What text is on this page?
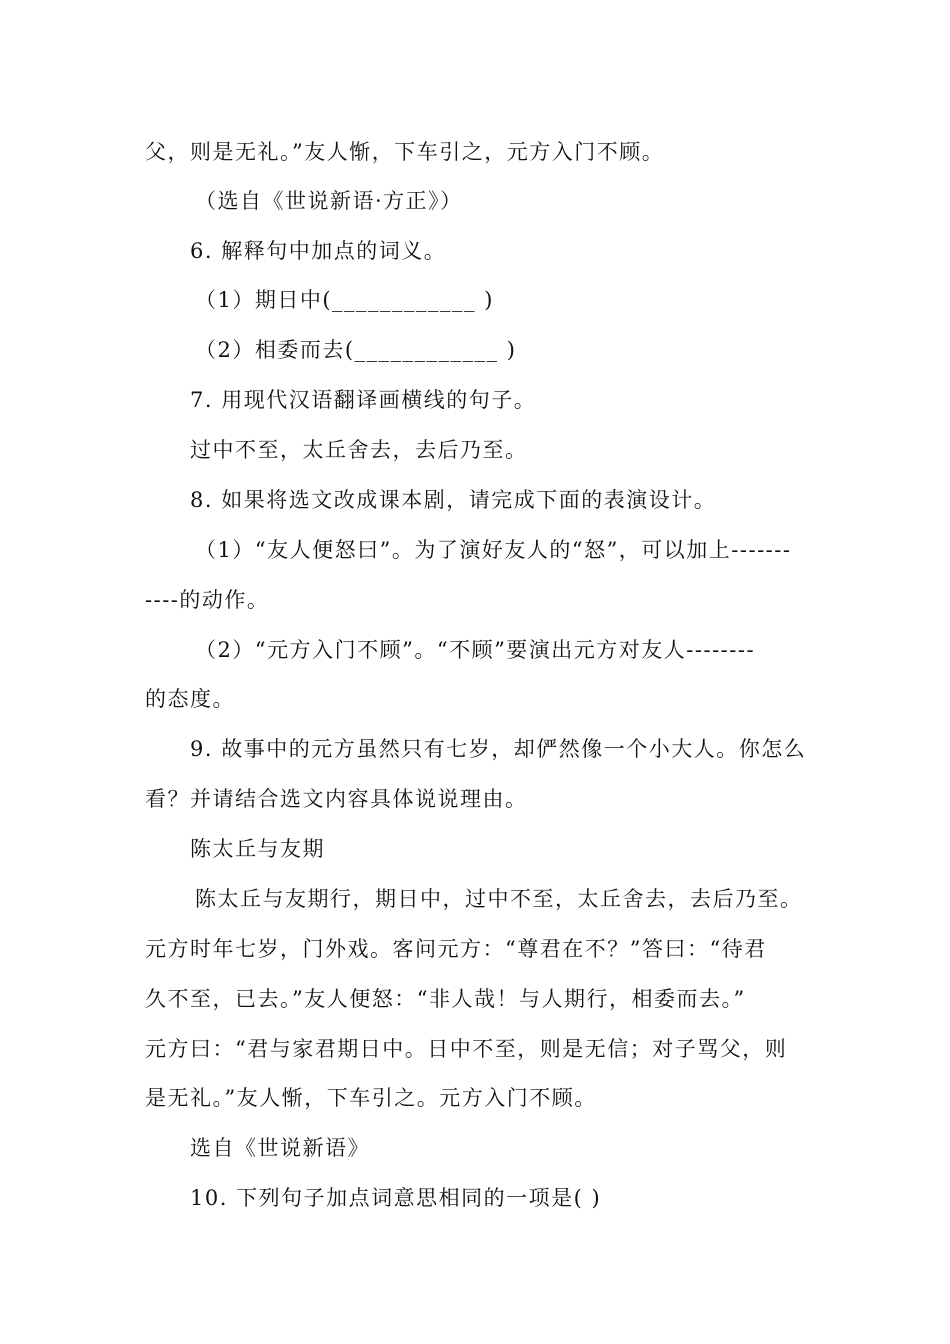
父，则是无礼。”友人惭，下车引之，元方入门不顾。
（选自《世说新语·方正》）
6. 解释句中加点的词义。
（1）期日中(____________ )
（2）相委而去(____________ )
7. 用现代汉语翻译画横线的句子。
过中不至，太丘舍去，去后乃至。
8. 如果将选文改成课本剧，请完成下面的表演设计。
（1）“友人便怒曰”。为了演好友人的“怒”，可以加上-------
----的动作。
（2）“元方入门不顾”。“不顾”要演出元方对友人--------
的态度。
9. 故事中的元方虽然只有七岁，却俨然像一个小大人。你怎么
看？并请结合选文内容具体说说理由。
陈太丘与友期
陈太丘与友期行，期日中，过中不至，太丘舍去，去后乃至。
元方时年七岁，门外戏。客问元方：“尊君在不？”答曰：“待君
久不至，已去。”友人便怒：“非人哉！与人期行，相委而去。”
元方曰：“君与家君期日中。日中不至，则是无信；对子骂父，则
是无礼。”友人惭，下车引之。元方入门不顾。
选自《世说新语》
10. 下列句子加点词意思相同的一项是( )
